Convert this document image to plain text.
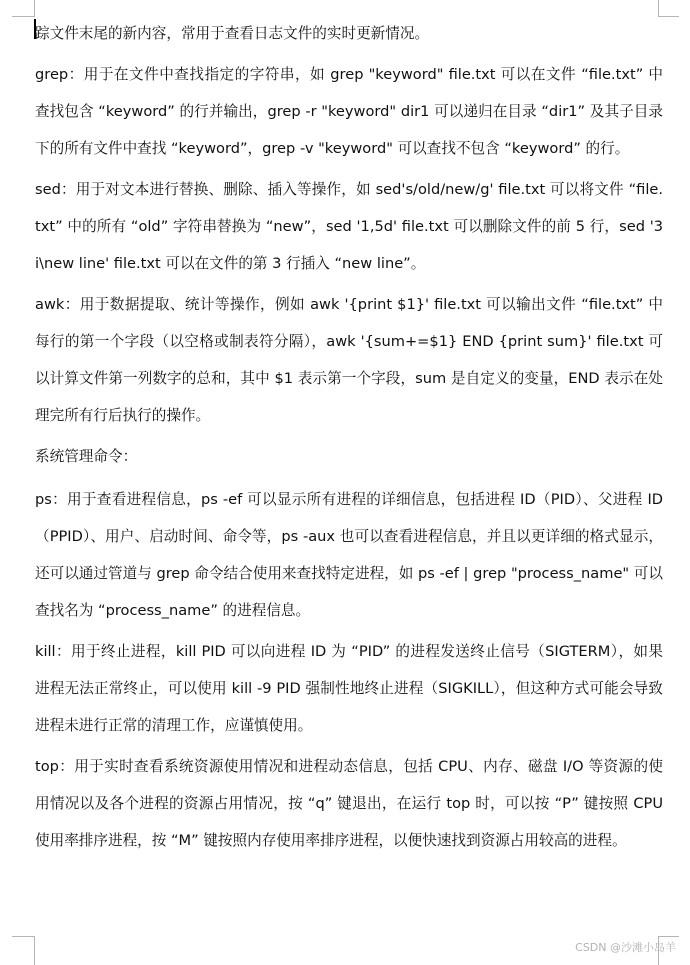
踪文件末尾的新内容，常用于查看日志文件的实时更新情况。

grep：用于在文件中查找指定的字符串，如 grep "keyword" file.txt 可以在文件 “file.txt” 中查找包含 “keyword” 的行并输出，grep -r "keyword" dir1 可以递归在目录 “dir1” 及其子目录下的所有文件中查找 “keyword”，grep -v "keyword" 可以查找不包含 “keyword” 的行。

sed：用于对文本进行替换、删除、插入等操作，如 sed's/old/new/g' file.txt 可以将文件 “file.txt” 中的所有 “old” 字符串替换为 “new”，sed '1,5d' file.txt 可以删除文件的前 5 行，sed '3i\new line' file.txt 可以在文件的第 3 行插入 “new line”。

awk：用于数据提取、统计等操作，例如 awk '{print $1}' file.txt 可以输出文件 “file.txt” 中每行的第一个字段（以空格或制表符分隔），awk '{sum+=$1} END {print sum}' file.txt 可以计算文件第一列数字的总和，其中 $1 表示第一个字段，sum 是自定义的变量，END 表示在处理完所有行后执行的操作。

系统管理命令：

ps：用于查看进程信息，ps -ef 可以显示所有进程的详细信息，包括进程 ID（PID）、父进程 ID（PPID）、用户、启动时间、命令等，ps -aux 也可以查看进程信息，并且以更详细的格式显示，还可以通过管道与 grep 命令结合使用来查找特定进程，如 ps -ef | grep "process_name" 可以查找名为 “process_name” 的进程信息。

kill：用于终止进程，kill PID 可以向进程 ID 为 “PID” 的进程发送终止信号（SIGTERM），如果进程无法正常终止，可以使用 kill -9 PID 强制性地终止进程（SIGKILL），但这种方式可能会导致进程未进行正常的清理工作，应谨慎使用。

top：用于实时查看系统资源使用情况和进程动态信息，包括 CPU、内存、磁盘 I/O 等资源的使用情况以及各个进程的资源占用情况，按 “q” 键退出，在运行 top 时，可以按 “P” 键按照 CPU 使用率排序进程，按 “M” 键按照内存使用率排序进程，以便快速找到资源占用较高的进程。

CSDN @沙滩小岛羊
